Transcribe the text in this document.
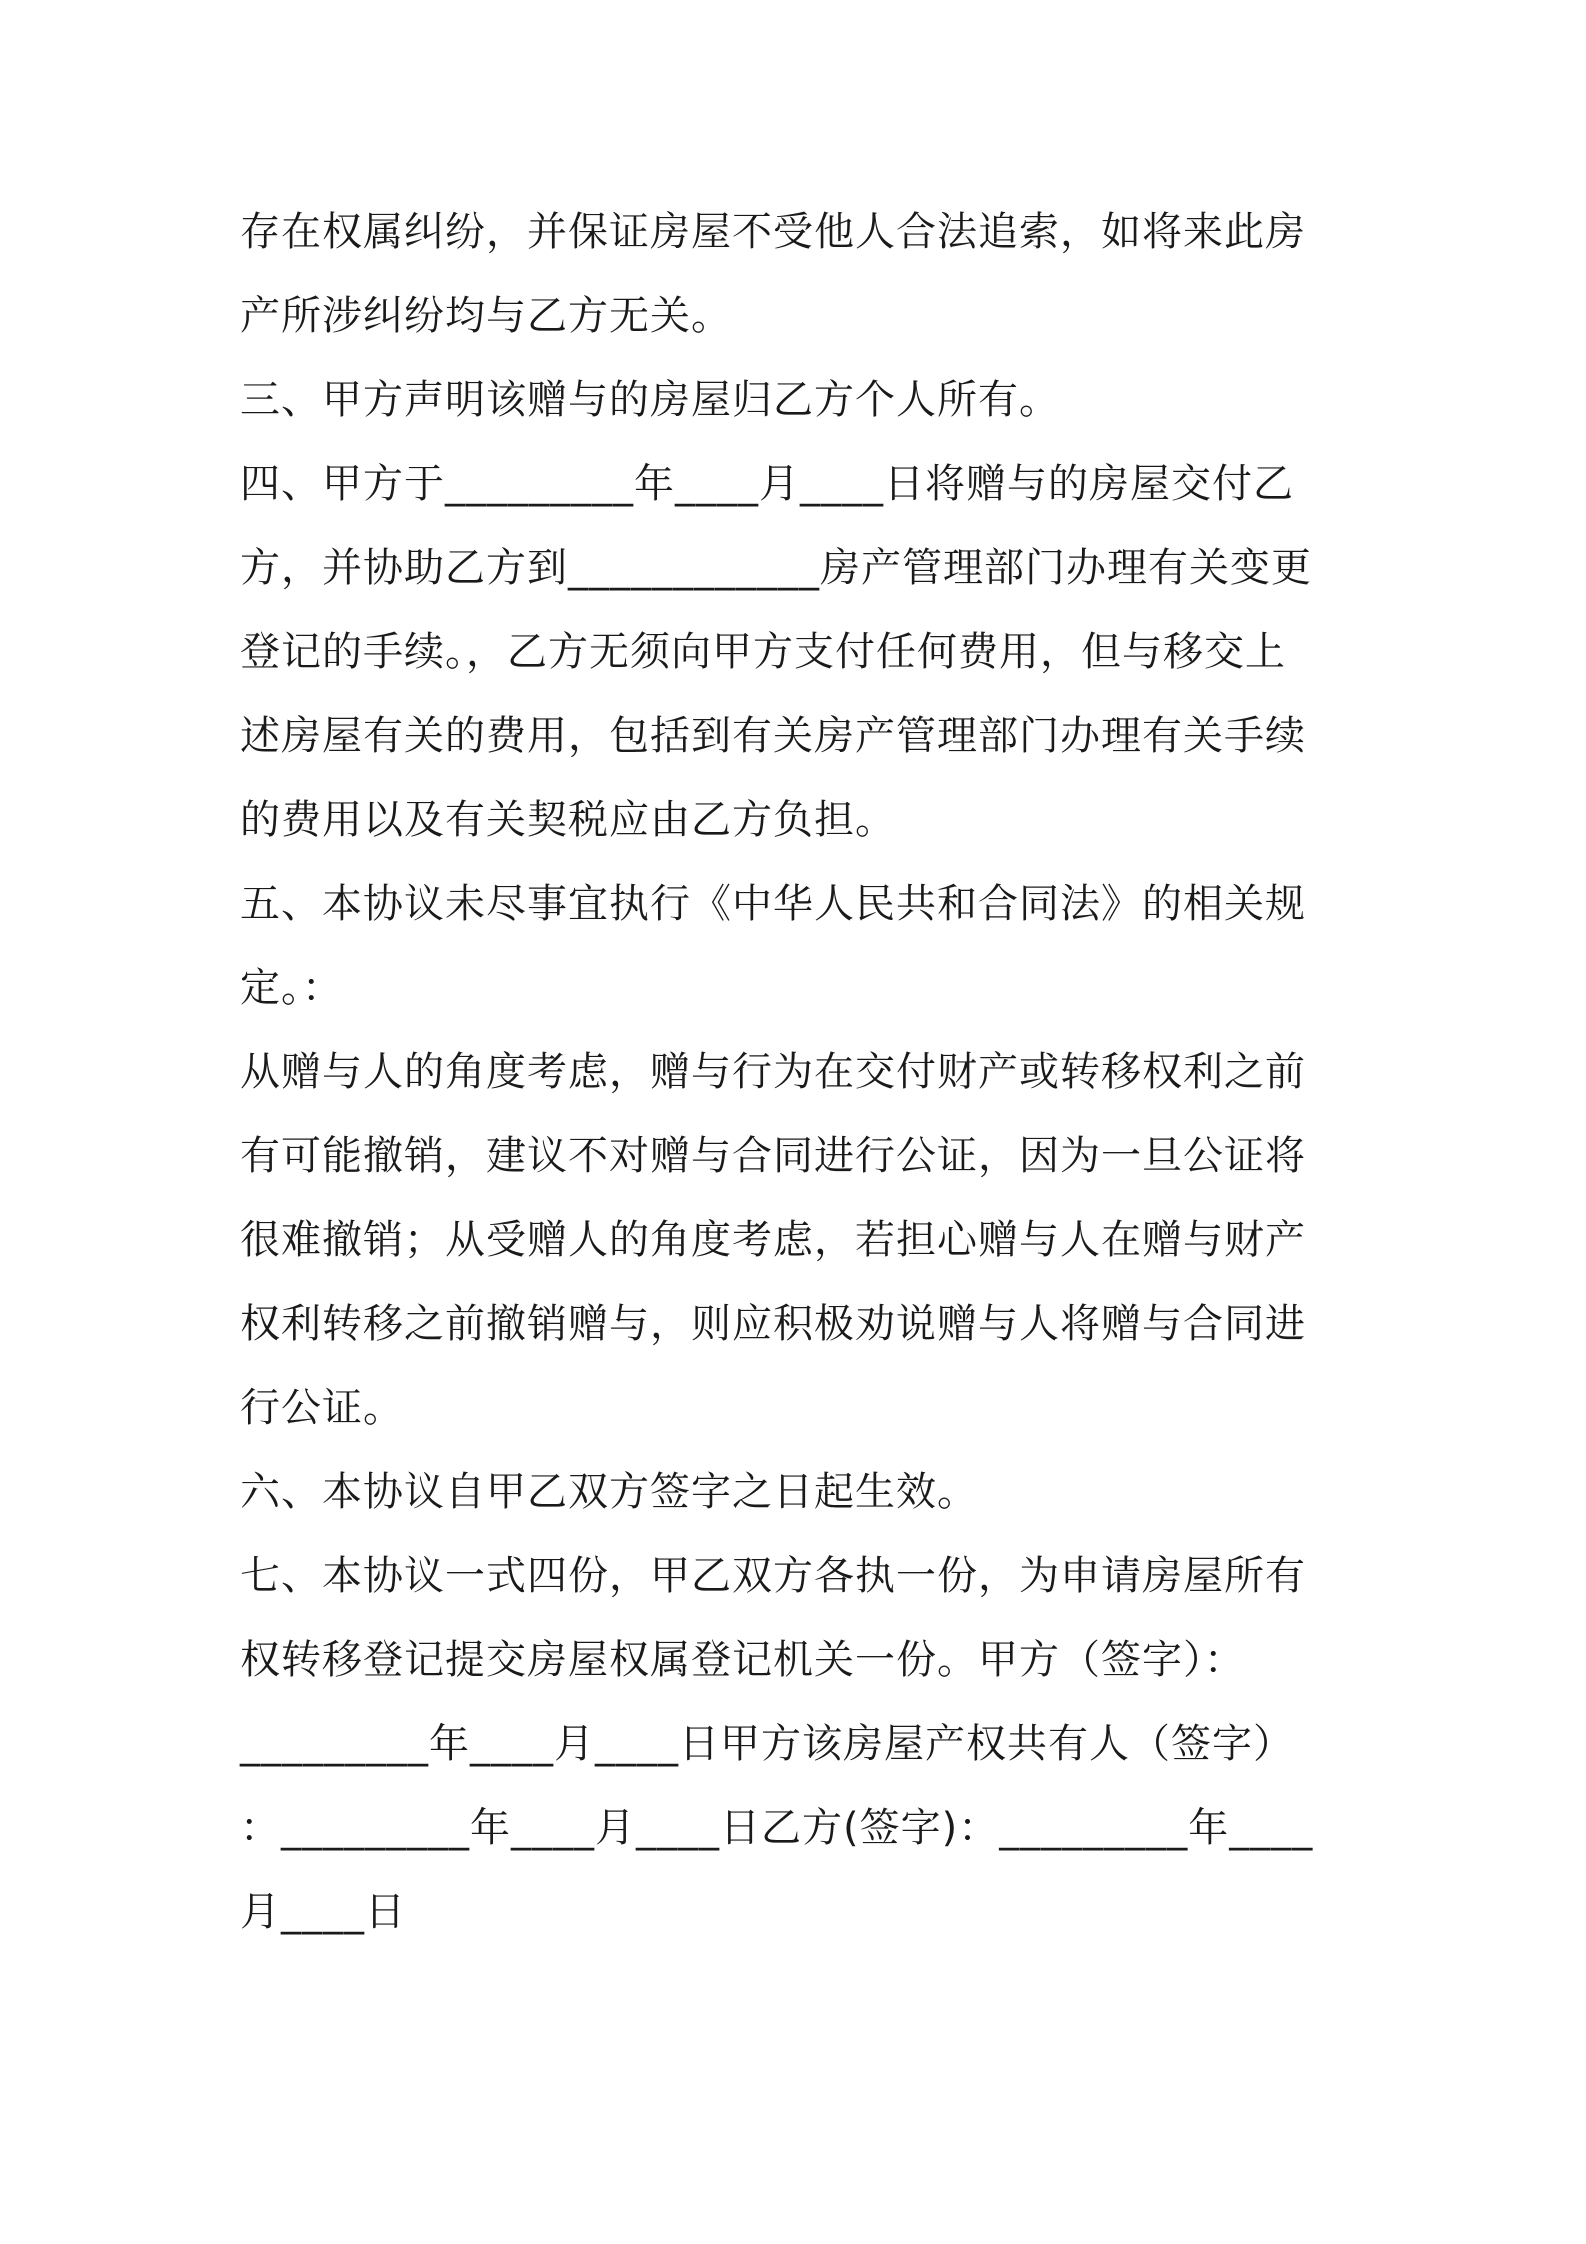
存在权属纠纷，并保证房屋不受他人合法追索，如将来此房
产所涉纠纷均与乙方无关。
三、甲方声明该赠与的房屋归乙方个人所有。
四、甲方于_________年____月____日将赠与的房屋交付乙
方，并协助乙方到____________房产管理部门办理有关变更
登记的手续。，乙方无须向甲方支付任何费用，但与移交上
述房屋有关的费用，包括到有关房产管理部门办理有关手续
的费用以及有关契税应由乙方负担。
五、本协议未尽事宜执行《中华人民共和合同法》的相关规
定。：
从赠与人的角度考虑，赠与行为在交付财产或转移权利之前
有可能撤销，建议不对赠与合同进行公证，因为一旦公证将
很难撤销；从受赠人的角度考虑，若担心赠与人在赠与财产
权利转移之前撤销赠与，则应积极劝说赠与人将赠与合同进
行公证。
六、本协议自甲乙双方签字之日起生效。
七、本协议一式四份，甲乙双方各执一份，为申请房屋所有
权转移登记提交房屋权属登记机关一份。甲方（签字）：
_________年____月____日甲方该房屋产权共有人（签字）
：_________年____月____日乙方(签字)：_________年____
月____日
